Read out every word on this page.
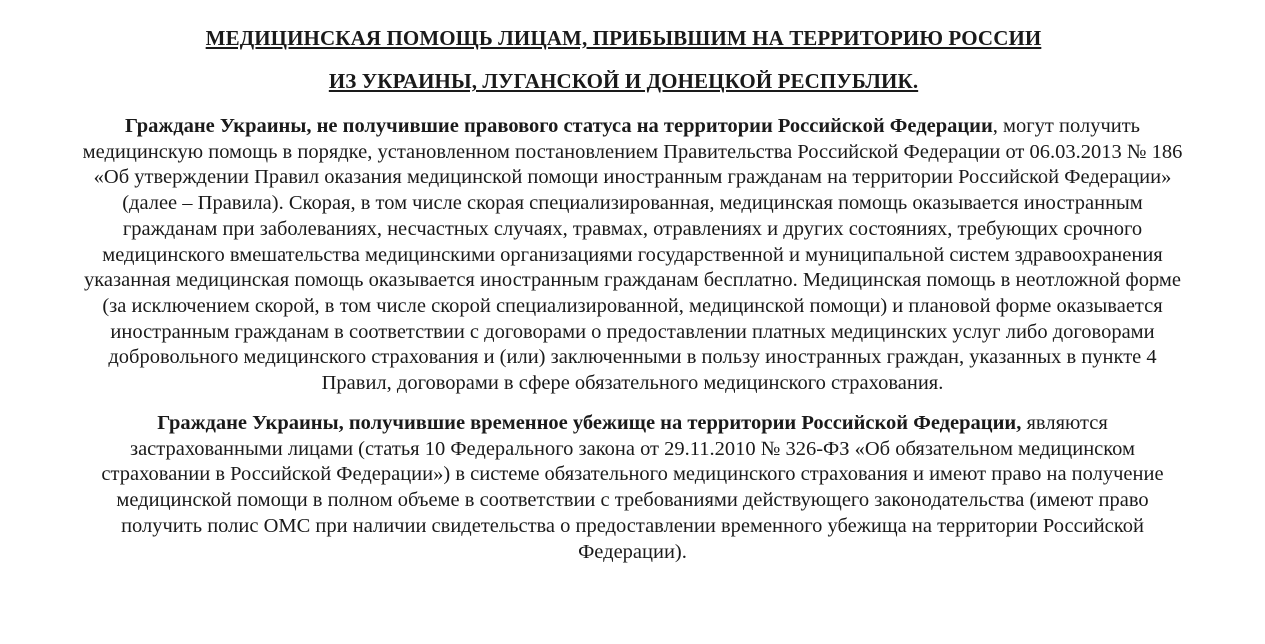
МЕДИЦИНСКАЯ ПОМОЩЬ ЛИЦАМ, ПРИБЫВШИМ НА ТЕРРИТОРИЮ РОССИИ
ИЗ УКРАИНЫ, ЛУГАНСКОЙ И ДОНЕЦКОЙ РЕСПУБЛИК.
Граждане Украины, не получившие правового статуса на территории Российской Федерации, могут получить
медицинскую помощь в порядке, установленном постановлением Правительства Российской Федерации от 06.03.2013 № 186
«Об утверждении Правил оказания медицинской помощи иностранным гражданам на территории Российской Федерации»
(далее – Правила). Скорая, в том числе скорая специализированная, медицинская помощь оказывается иностранным
гражданам при заболеваниях, несчастных случаях, травмах, отравлениях и других состояниях, требующих срочного
медицинского вмешательства медицинскими организациями государственной и муниципальной систем здравоохранения
указанная медицинская помощь оказывается иностранным гражданам бесплатно. Медицинская помощь в неотложной форме
(за исключением скорой, в том числе скорой специализированной, медицинской помощи) и плановой форме оказывается
иностранным гражданам в соответствии с договорами о предоставлении платных медицинских услуг либо договорами
добровольного медицинского страхования и (или) заключенными в пользу иностранных граждан, указанных в пункте 4
Правил, договорами в сфере обязательного медицинского страхования.
Граждане Украины, получившие временное убежище на территории Российской Федерации, являются
застрахованными лицами (статья 10 Федерального закона от 29.11.2010 № 326-ФЗ «Об обязательном медицинском
страховании в Российской Федерации») в системе обязательного медицинского страхования и имеют право на получение
медицинской помощи в полном объеме в соответствии с требованиями действующего законодательства (имеют право
получить полис ОМС при наличии свидетельства о предоставлении временного убежища на территории Российской
Федерации).
